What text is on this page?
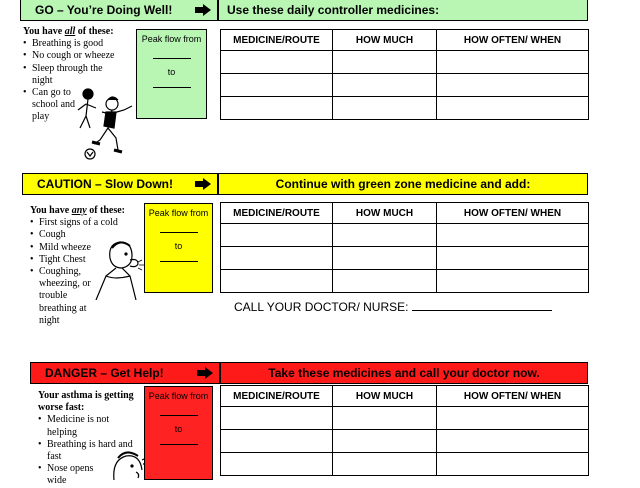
GO – You’re Doing Well!	Use these daily controller medicines:
You have all of these:
• Breathing is good
• No cough or wheeze
• Sleep through the night
• Can go to school and play
Peak flow from
to
MEDICINE/ROUTE	HOW MUCH	HOW OFTEN/ WHEN

CAUTION – Slow Down!	Continue with green zone medicine and add:
You have any of these:
• First signs of a cold
• Cough
• Mild wheeze
• Tight Chest
• Coughing, wheezing, or trouble breathing at night
Peak flow from
to
MEDICINE/ROUTE	HOW MUCH	HOW OFTEN/ WHEN

CALL YOUR DOCTOR/ NURSE:
DANGER – Get Help!	Take these medicines and call your doctor now.
Your asthma is getting worse fast:
• Medicine is not helping
• Breathing is hard and fast
• Nose opens wide
Peak flow from
to
MEDICINE/ROUTE	HOW MUCH	HOW OFTEN/ WHEN
